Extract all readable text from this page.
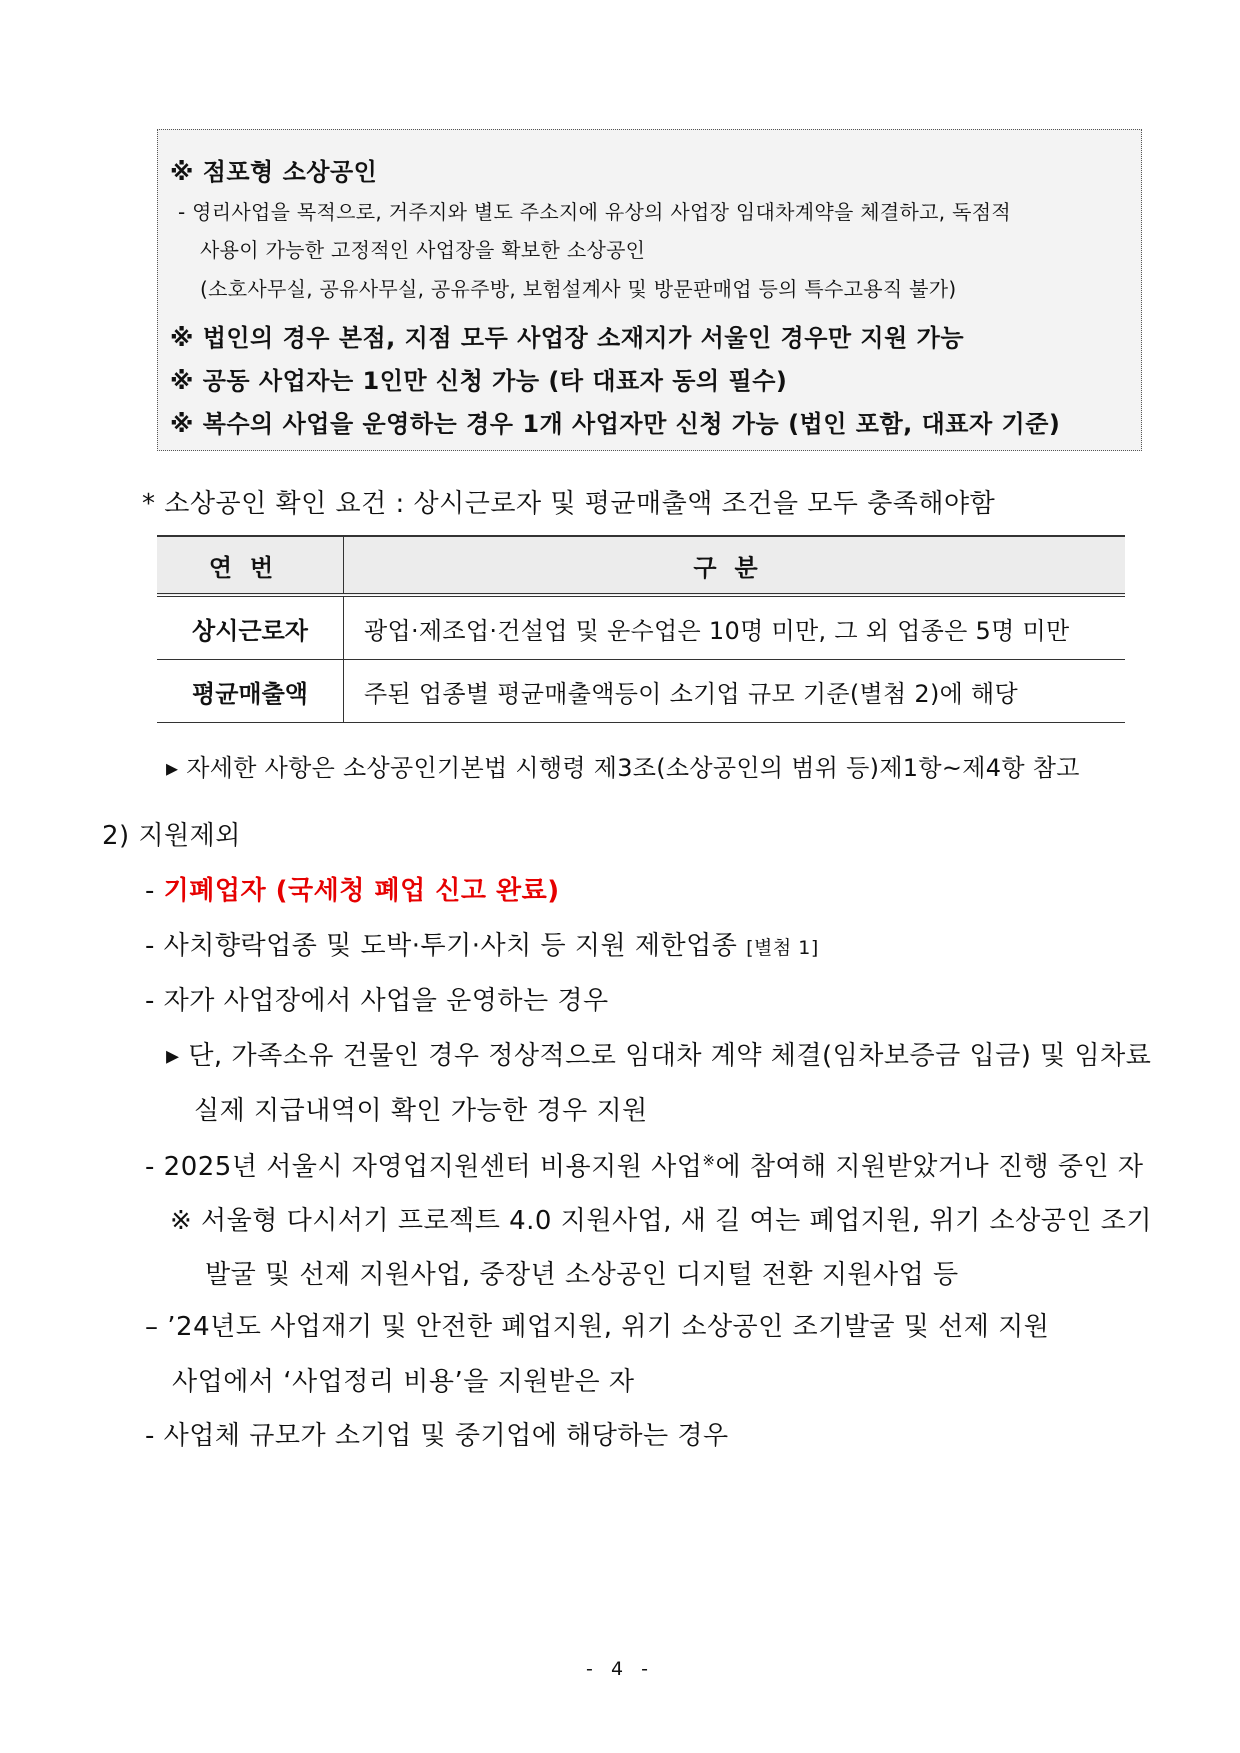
※ 점포형 소상공인
- 영리사업을 목적으로, 거주지와 별도 주소지에 유상의 사업장 임대차계약을 체결하고, 독점적
사용이 가능한 고정적인 사업장을 확보한 소상공인
(소호사무실, 공유사무실, 공유주방, 보험설계사 및 방문판매업 등의 특수고용직 불가)
※ 법인의 경우 본점, 지점 모두 사업장 소재지가 서울인 경우만 지원 가능
※ 공동 사업자는 1인만 신청 가능 (타 대표자 동의 필수)
※ 복수의 사업을 운영하는 경우 1개 사업자만 신청 가능 (법인 포함, 대표자 기준)
* 소상공인 확인 요건 : 상시근로자 및 평균매출액 조건을 모두 충족해야함
연번	구분
상시근로자	광업·제조업·건설업 및 운수업은 10명 미만, 그 외 업종은 5명 미만
평균매출액	주된 업종별 평균매출액등이 소기업 규모 기준(별첨 2)에 해당
▸ 자세한 사항은 소상공인기본법 시행령 제3조(소상공인의 범위 등)제1항~제4항 참고
2) 지원제외
- 기폐업자 (국세청 폐업 신고 완료)
- 사치향락업종 및 도박·투기·사치 등 지원 제한업종 [별첨 1]
- 자가 사업장에서 사업을 운영하는 경우
▸ 단, 가족소유 건물인 경우 정상적으로 임대차 계약 체결(임차보증금 입금) 및 임차료
실제 지급내역이 확인 가능한 경우 지원
- 2025년 서울시 자영업지원센터 비용지원 사업※에 참여해 지원받았거나 진행 중인 자
※ 서울형 다시서기 프로젝트 4.0 지원사업, 새 길 여는 폐업지원, 위기 소상공인 조기
발굴 및 선제 지원사업, 중장년 소상공인 디지털 전환 지원사업 등
– ’24년도 사업재기 및 안전한 폐업지원, 위기 소상공인 조기발굴 및 선제 지원
사업에서 ‘사업정리 비용’을 지원받은 자
- 사업체 규모가 소기업 및 중기업에 해당하는 경우
- 4 -
